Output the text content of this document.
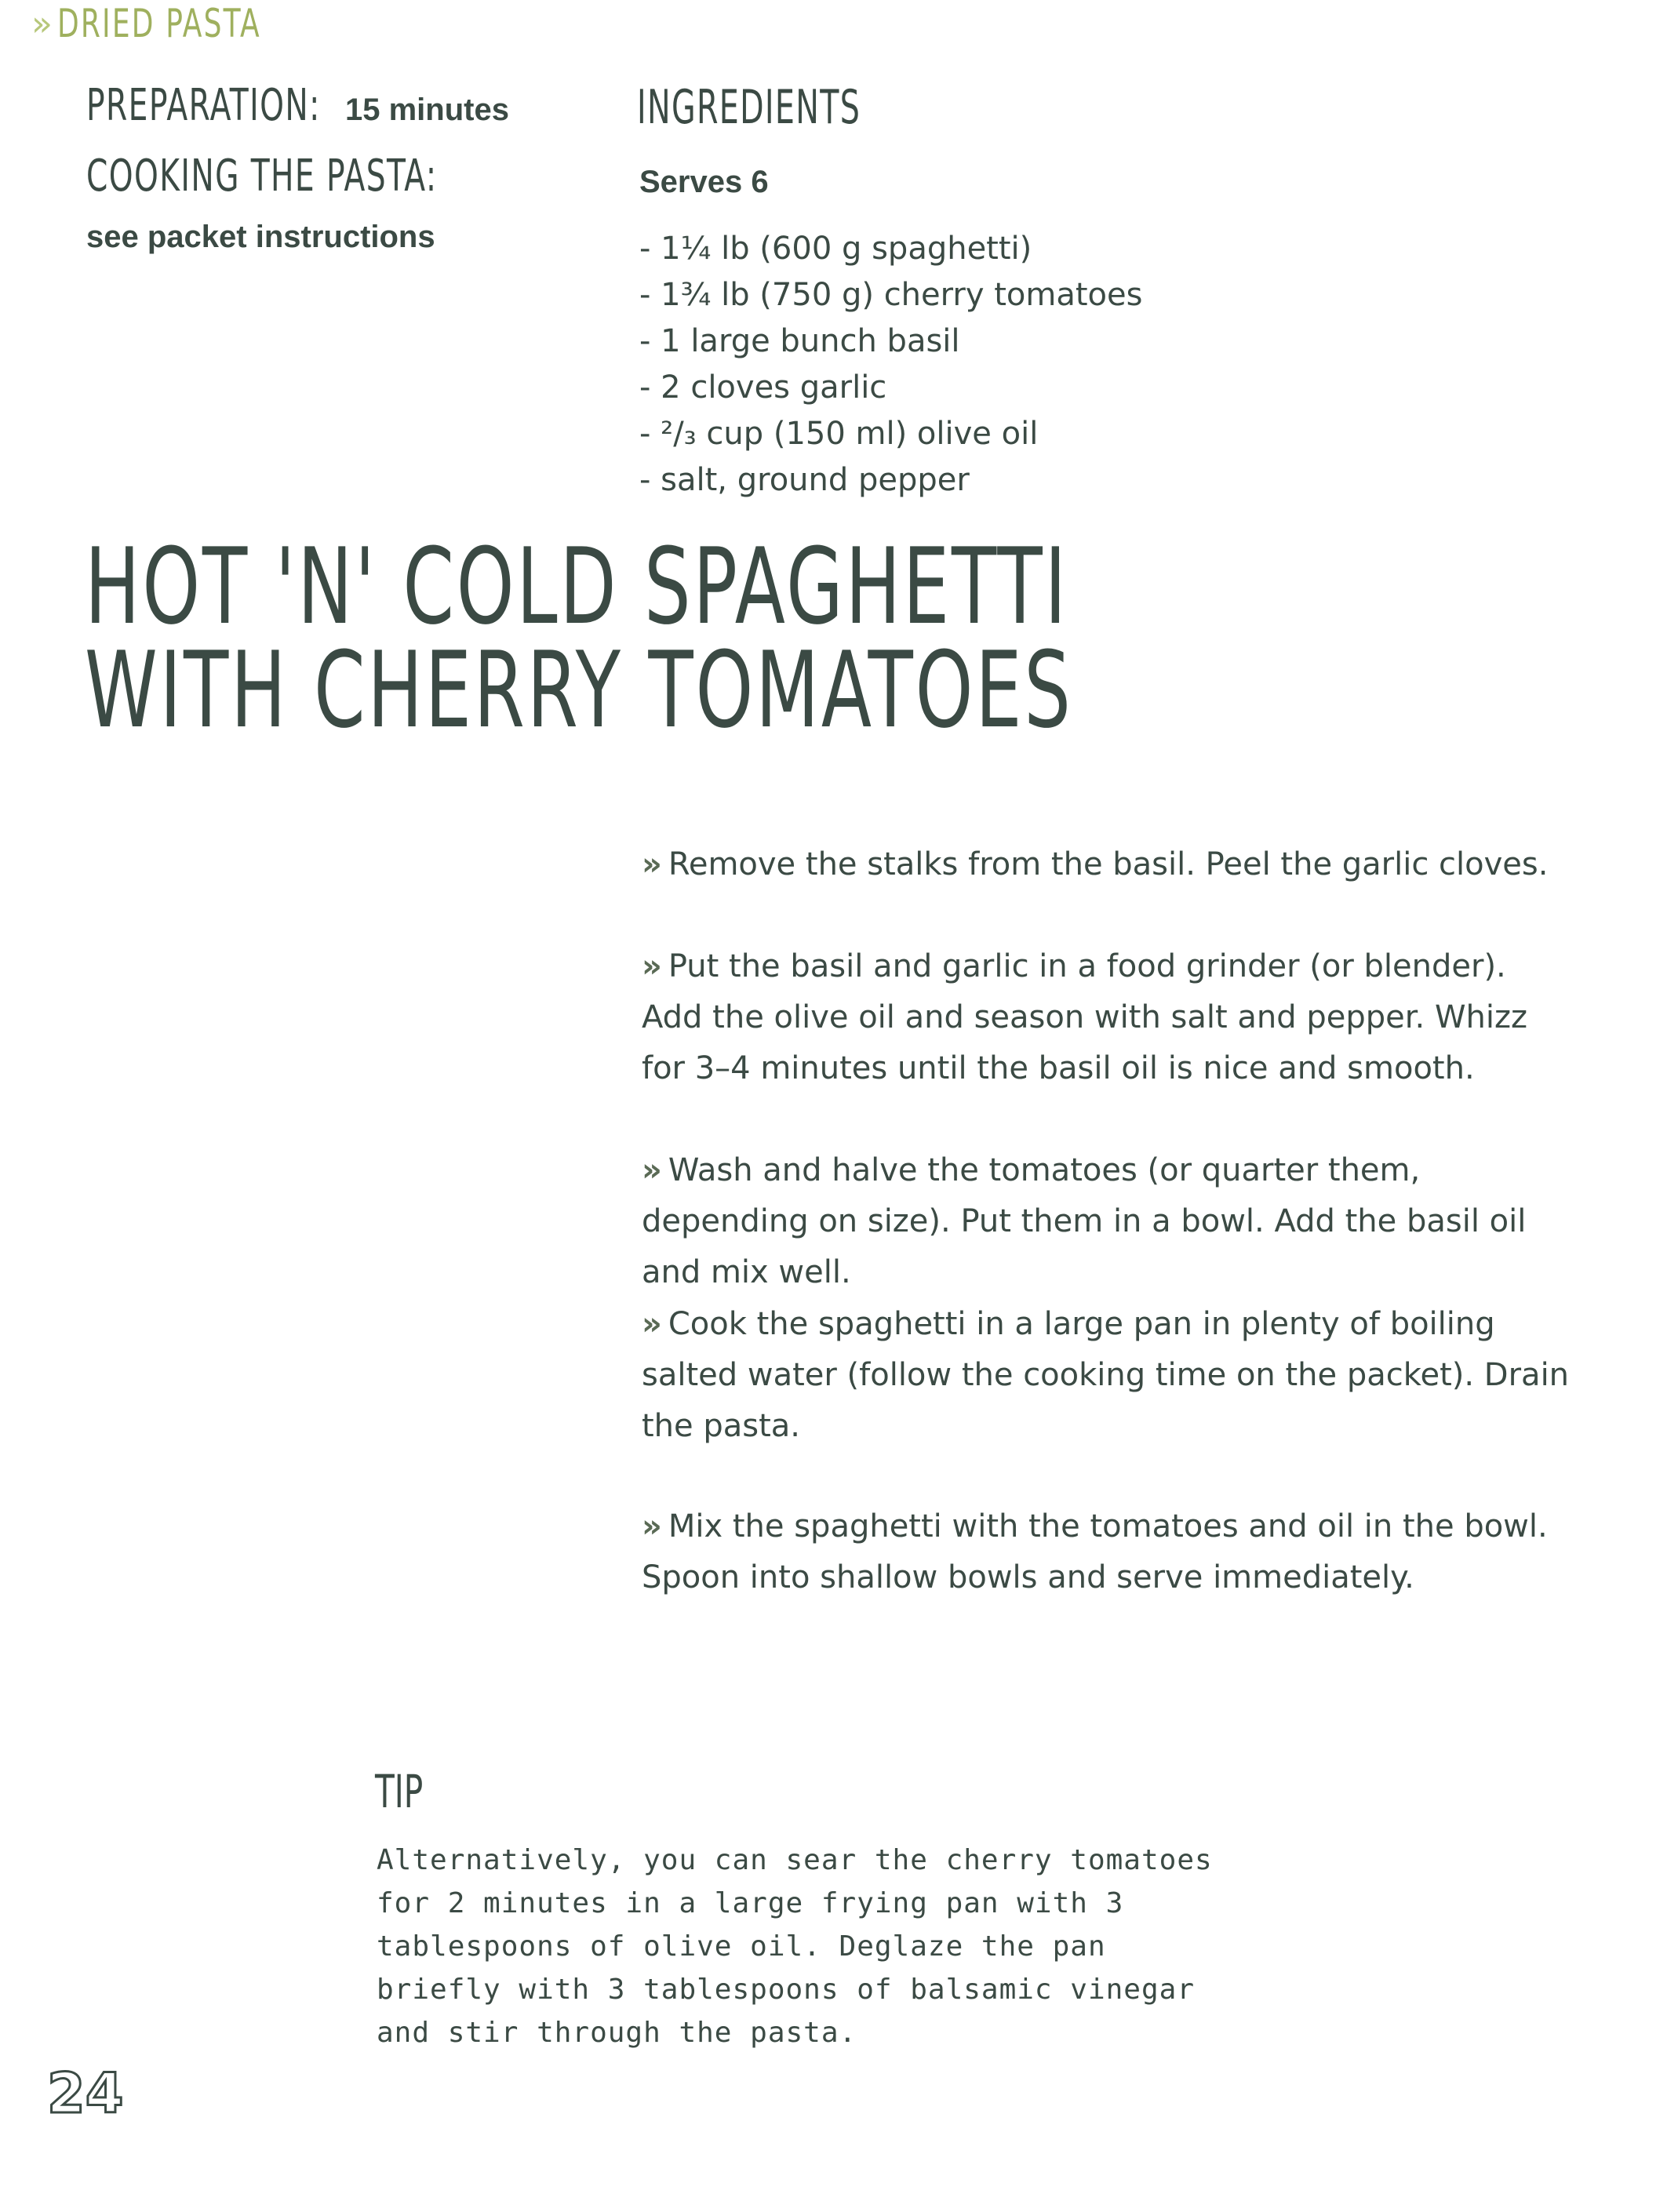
» DRIED PASTA
PREPARATION: 15 minutes
COOKING THE PASTA:
see packet instructions
INGREDIENTS
Serves 6
- 1¼ lb (600 g spaghetti)
- 1¾ lb (750 g) cherry tomatoes
- 1 large bunch basil
- 2 cloves garlic
- ²/₃ cup (150 ml) olive oil
- salt, ground pepper
HOT 'N' COLD SPAGHETTI WITH CHERRY TOMATOES
» Remove the stalks from the basil. Peel the garlic cloves.
» Put the basil and garlic in a food grinder (or blender). Add the olive oil and season with salt and pepper. Whizz for 3–4 minutes until the basil oil is nice and smooth.
» Wash and halve the tomatoes (or quarter them, depending on size). Put them in a bowl. Add the basil oil and mix well.
» Cook the spaghetti in a large pan in plenty of boiling salted water (follow the cooking time on the packet). Drain the pasta.
» Mix the spaghetti with the tomatoes and oil in the bowl. Spoon into shallow bowls and serve immediately.
TIP
Alternatively, you can sear the cherry tomatoes for 2 minutes in a large frying pan with 3 tablespoons of olive oil. Deglaze the pan briefly with 3 tablespoons of balsamic vinegar and stir through the pasta.
24
